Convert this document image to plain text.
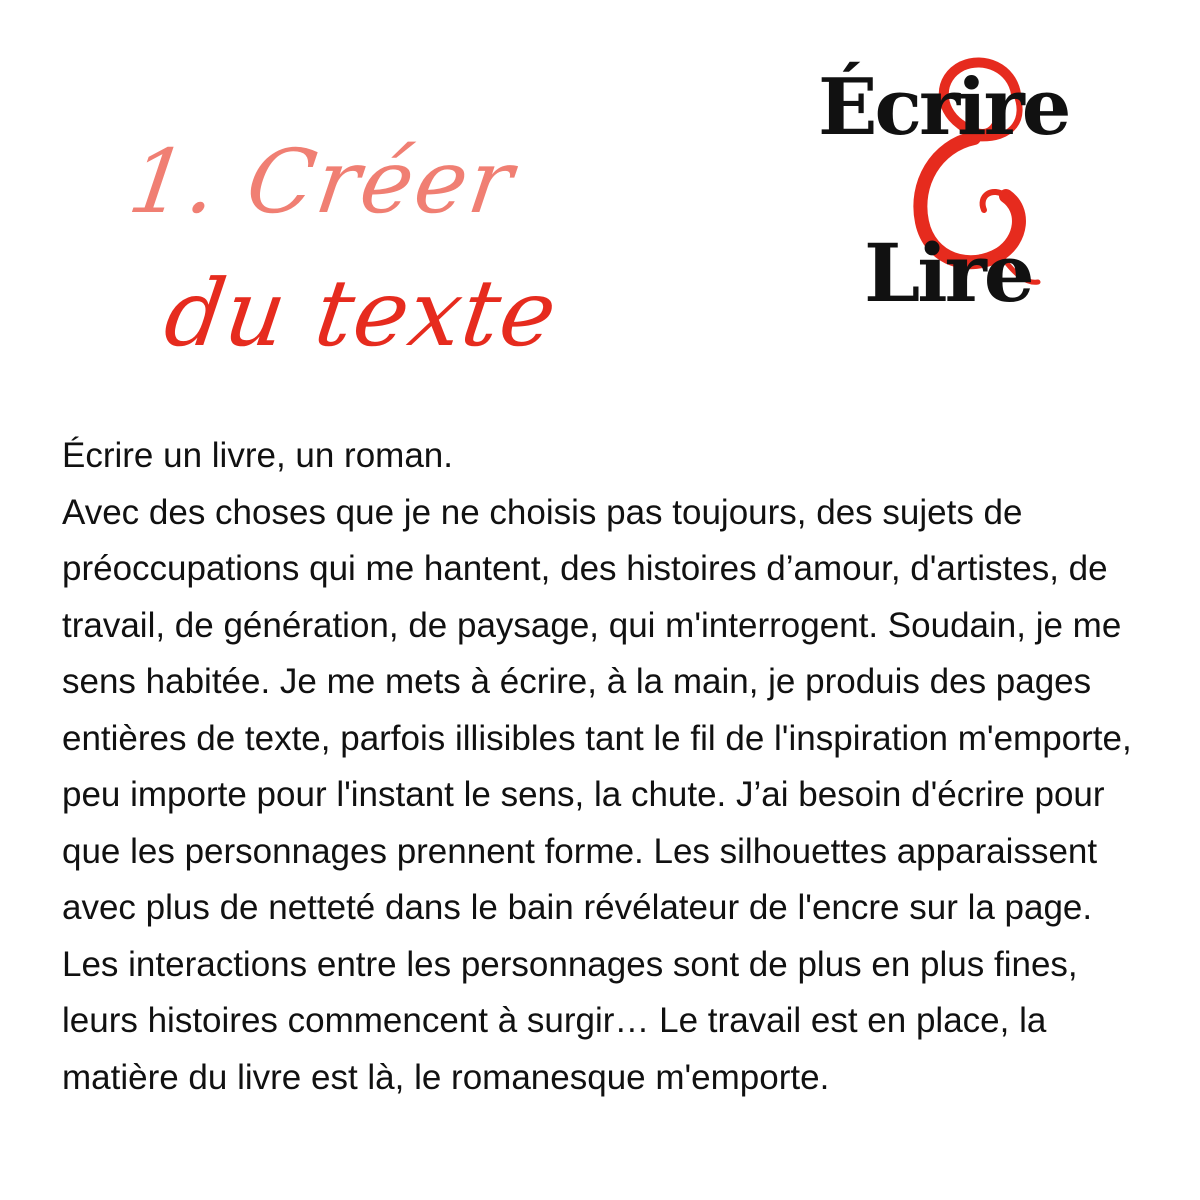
1. Créer
du texte
&
Écrire
Lire

Écrire un livre, un roman.
Avec des choses que je ne choisis pas toujours, des sujets de préoccupations qui me hantent, des histoires d’amour, d'artistes, de travail, de génération, de paysage, qui m'interrogent. Soudain, je me sens habitée. Je me mets à écrire, à la main, je produis des pages entières de texte, parfois illisibles tant le fil de l'inspiration m'emporte, peu importe pour l'instant le sens, la chute. J’ai besoin d'écrire pour que les personnages prennent forme. Les silhouettes apparaissent avec plus de netteté dans le bain révélateur de l'encre sur la page. Les interactions entre les personnages sont de plus en plus fines, leurs histoires commencent à surgir… Le travail est en place, la matière du livre est là, le romanesque m'emporte.
